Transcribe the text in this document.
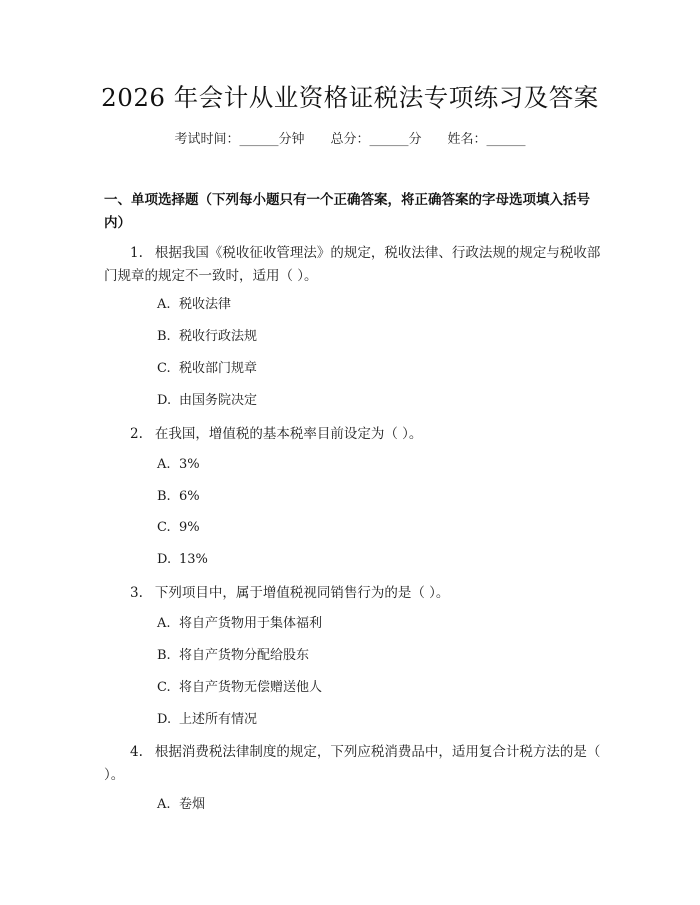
2026 年会计从业资格证税法专项练习及答案
考试时间：______分钟 总分：______分 姓名：______
一、单项选择题（下列每小题只有一个正确答案，将正确答案的字母选项填入括号内）
1. 根据我国《税收征收管理法》的规定，税收法律、行政法规的规定与税收部门规章的规定不一致时，适用（ ）。
A. 税收法律
B. 税收行政法规
C. 税收部门规章
D. 由国务院决定
2. 在我国，增值税的基本税率目前设定为（ ）。
A. 3%
B. 6%
C. 9%
D. 13%
3. 下列项目中，属于增值税视同销售行为的是（ ）。
A. 将自产货物用于集体福利
B. 将自产货物分配给股东
C. 将自产货物无偿赠送他人
D. 上述所有情况
4. 根据消费税法律制度的规定，下列应税消费品中，适用复合计税方法的是（ ）。
A. 卷烟
